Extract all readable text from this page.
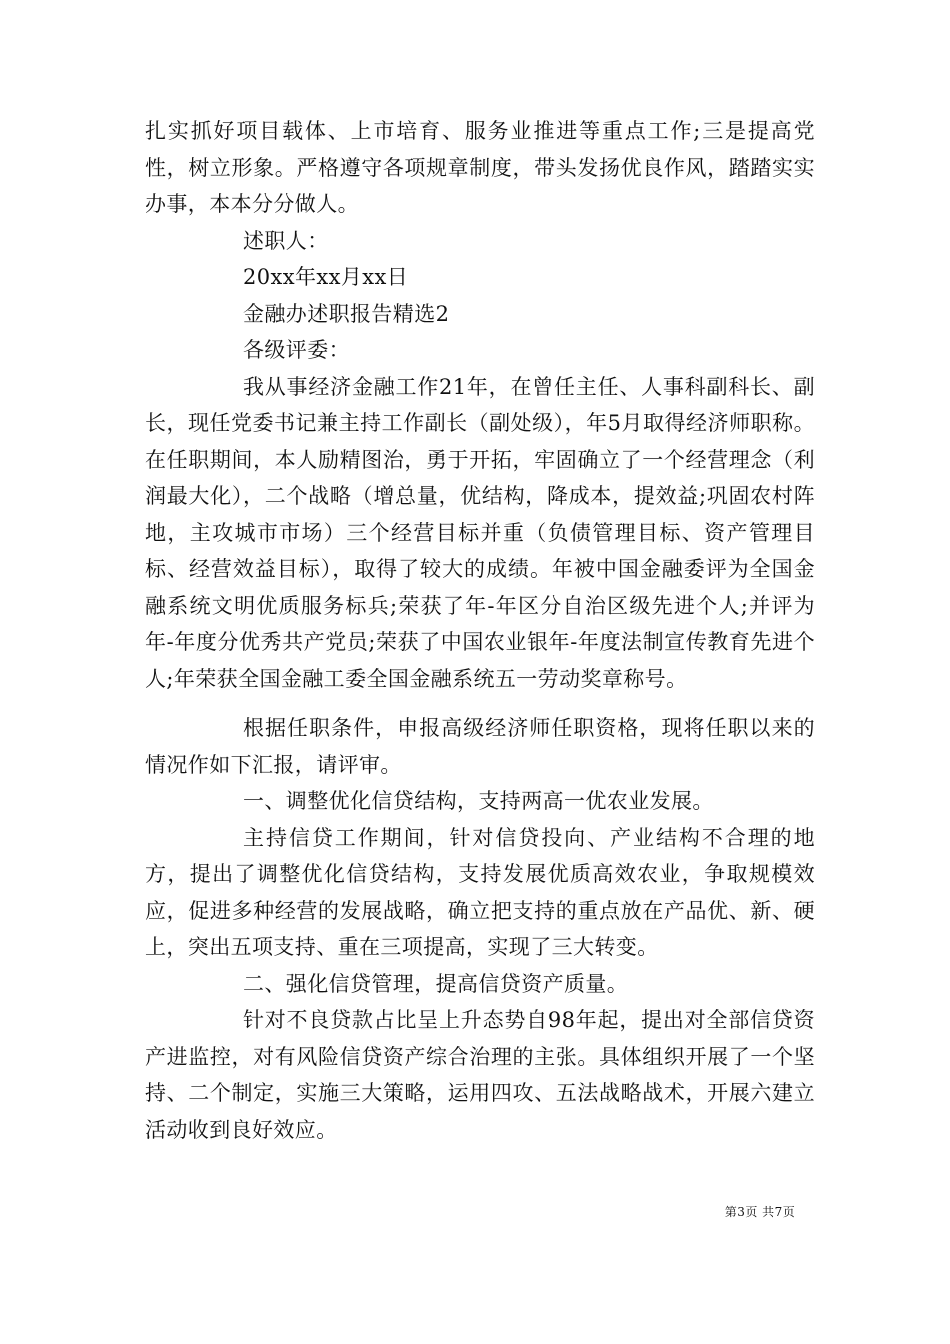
扎实抓好项目载体、上市培育、服务业推进等重点工作;三是提高党性，树立形象。严格遵守各项规章制度，带头发扬优良作风，踏踏实实办事，本本分分做人。

述职人：

20xx年xx月xx日

金融办述职报告精选2

各级评委：

我从事经济金融工作21年，在曾任主任、人事科副科长、副长，现任党委书记兼主持工作副长（副处级），年5月取得经济师职称。在任职期间，本人励精图治，勇于开拓，牢固确立了一个经营理念（利润最大化），二个战略（增总量，优结构，降成本，提效益;巩固农村阵地，主攻城市市场）三个经营目标并重（负债管理目标、资产管理目标、经营效益目标），取得了较大的成绩。年被中国金融委评为全国金融系统文明优质服务标兵;荣获了年-年区分自治区级先进个人;并评为年-年度分优秀共产党员;荣获了中国农业银年-年度法制宣传教育先进个人;年荣获全国金融工委全国金融系统五一劳动奖章称号。

根据任职条件，申报高级经济师任职资格，现将任职以来的情况作如下汇报，请评审。

一、调整优化信贷结构，支持两高一优农业发展。

主持信贷工作期间，针对信贷投向、产业结构不合理的地方，提出了调整优化信贷结构，支持发展优质高效农业，争取规模效应，促进多种经营的发展战略，确立把支持的重点放在产品优、新、硬上，突出五项支持、重在三项提高，实现了三大转变。

二、强化信贷管理，提高信贷资产质量。

针对不良贷款占比呈上升态势自98年起，提出对全部信贷资产进监控，对有风险信贷资产综合治理的主张。具体组织开展了一个坚持、二个制定，实施三大策略，运用四攻、五法战略战术，开展六建立活动收到良好效应。

第3页 共7页
